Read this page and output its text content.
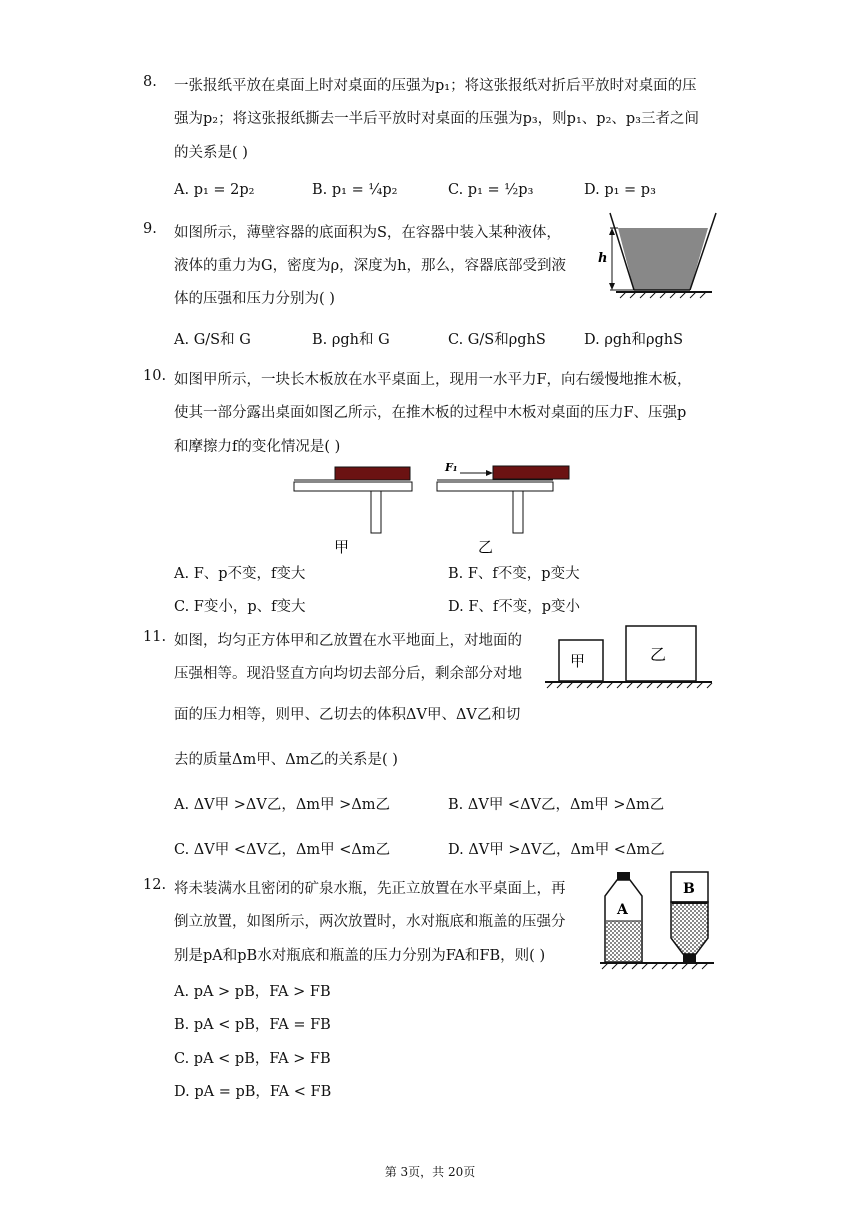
8. 一张报纸平放在桌面上时对桌面的压强为p₁；将这张报纸对折后平放时对桌面的压
强为p₂；将这张报纸撕去一半后平放时对桌面的压强为p₃，则p₁、p₂、p₃三者之间
的关系是( )
A. p₁ = 2p₂	B. p₁ = ¼p₂	C. p₁ = ½p₃	D. p₁ = p₃
9. 如图所示，薄壁容器的底面积为S，在容器中装入某种液体，
液体的重力为G，密度为ρ，深度为h，那么，容器底部受到液
体的压强和压力分别为( )
h
A. G/S和 G	B. ρgh和 G	C. G/S和ρghS	D. ρgh和ρghS
10. 如图甲所示，一块长木板放在水平桌面上，现用一水平力F，向右缓慢地推木板，
使其一部分露出桌面如图乙所示，在推木板的过程中木板对桌面的压力F、压强p
和摩擦力f的变化情况是( )
甲
F₁
乙
A. F、p不变，f变大	B. F、f不变，p变大
C. F变小，p、f变大	D. F、f不变，p变小
11. 如图，均匀正方体甲和乙放置在水平地面上，对地面的
压强相等。现沿竖直方向均切去部分后，剩余部分对地
面的压力相等，则甲、乙切去的体积ΔV甲、ΔV乙和切
去的质量Δm甲、Δm乙的关系是( )
甲	乙
A. ΔV甲 >ΔV乙，Δm甲 >Δm乙	B. ΔV甲 <ΔV乙，Δm甲 >Δm乙
C. ΔV甲 <ΔV乙，Δm甲 <Δm乙	D. ΔV甲 >ΔV乙，Δm甲 <Δm乙
12. 将未装满水且密闭的矿泉水瓶，先正立放置在水平桌面上，再
倒立放置，如图所示，两次放置时，水对瓶底和瓶盖的压强分
别是pA和pB水对瓶底和瓶盖的压力分别为FA和FB，则( )
A
B
A. pA > pB，FA > FB
B. pA < pB，FA = FB
C. pA < pB，FA > FB
D. pA = pB，FA < FB
第 3页，共 20页
